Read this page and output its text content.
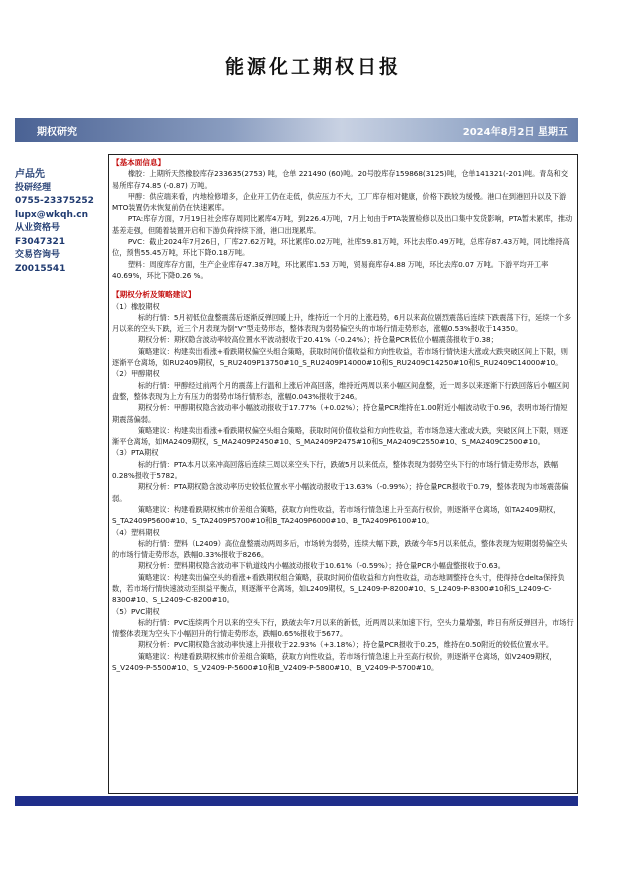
能源化工期权日报
期权研究	2024年8月2日 星期五
卢品先
投研经理
0755-23375252
lupx@wkqh.cn
从业资格号
F3047321
交易咨询号
Z0015541

【基本面信息】

橡胶：上期所天然橡胶库存233635(2753) 吨，仓单 221490 (60)吨。20号胶库存159868(3125)吨，仓单141321(-201)吨。青岛和交易所库存74.85 (-0.87) 万吨。

甲醇：供应端来看，内地检修增多，企业开工仍在走低，供应压力不大，工厂库存相对健康，价格下跌较为缓慢。港口在到港回升以及下游MTO装置仍未恢复前仍在快速累库。

PTA:库存方面，7月19日社会库存周同比累库4万吨，到226.4万吨，7月上旬由于PTA装置检修以及出口集中发货影响，PTA暂未累库，推动基差走强，但随着装置开启和下游负荷持续下滑，港口出现累库。

PVC：截止2024年7月26日，厂库27.62万吨，环比累库0.02万吨，社库59.81万吨，环比去库0.49万吨，总库存87.43万吨，同比维持高位，预售55.45万吨，环比下降0.18万吨。

塑料：周度库存方面，生产企业库存47.38万吨，环比累库1.53 万吨，贸易商库存4.88 万吨，环比去库0.07 万吨。下游平均开工率40.69%，环比下降0.26 %。

【期权分析及策略建议】

（1）橡胶期权

标的行情：5月初低位盘整震荡后逐渐反弹回暖上升，维持近一个月的上涨趋势，6月以来高位剧烈震荡后连续下跌震荡下行，延续一个多月以来的空头下跌，近三个月表现为倒“V”型走势形态，整体表现为弱势偏空头的市场行情走势形态，涨幅0.53%报收于14350。

期权分析：期权隐含波动率较高位置水平波动报收于20.41%（-0.24%）；持仓量PCR低位小幅震荡报收于0.38；

策略建议：构建卖出看涨+看跌期权偏空头组合策略，获取时间价值收益和方向性收益，若市场行情快速大涨或大跌突破区间上下限，则逐渐平仓离场，如RU2409期权，S_RU2409P13750#10_S_RU2409P14000#10和S_RU2409C14250#10和S_RU2409C14000#10。

（2）甲醇期权

标的行情：甲醇经过前两个月的震荡上行温和上涨后冲高回落，维持近两周以来小幅区间盘整，近一周多以来逐渐下行跌回落后小幅区间盘整，整体表现为上方有压力的弱势市场行情形态，涨幅0.043%报收于246。

期权分析：甲醇期权隐含波动率小幅波动报收于17.77%（+0.02%）；持仓量PCR维持在1.00附近小幅波动收于0.96，表明市场行情短期震荡偏弱。

策略建议：构建卖出看涨+看跌期权偏空头组合策略，获取时间价值收益和方向性收益，若市场急速大涨或大跌，突破区间上下限，则逐渐平仓离场，如MA2409期权，S_MA2409P2450#10、S_MA2409P2475#10和S_MA2409C2550#10、S_MA2409C2500#10。

（3）PTA期权

标的行情：PTA本月以来冲高回落后连续三周以来空头下行，跌破5月以来低点，整体表现为弱势空头下行的市场行情走势形态，跌幅0.28%报收于5782。

期权分析：PTA期权隐含波动率历史较低位置水平小幅波动报收于13.63%（-0.99%）；持仓量PCR报收于0.79，整体表现为市场震荡偏弱。

策略建议：构建看跌期权熊市价差组合策略，获取方向性收益，若市场行情急速上升至高行权价，则逐渐平仓离场，如TA2409期权，S_TA2409P5600#10、S_TA2409P5700#10和B_TA2409P6000#10、B_TA2409P6100#10。

（4）塑料期权

标的行情：塑料（L2409）高位盘整震动两周多后，市场转为弱势，连续大幅下跌，跌破今年5月以来低点，整体表现为短期弱势偏空头的市场行情走势形态，跌幅0.33%报收于8266。

期权分析：塑料期权隐含波动率下轨道线内小幅波动报收于10.61%（-0.59%）；持仓量PCR小幅盘整报收于0.63。

策略建议：构建卖出偏空头的看涨+看跌期权组合策略，获取时间价值收益和方向性收益，动态地调整持仓头寸，使得持仓delta保持负数，若市场行情快速波动至损益平衡点，则逐渐平仓离场，如L2409期权，S_L2409-P-8200#10、S_L2409-P-8300#10和S_L2409-C-8300#10、S_L2409-C-8200#10。

（5）PVC期权

标的行情：PVC连续两个月以来的空头下行，跌破去年7月以来的新低，近两周以来加速下行，空头力量增强，昨日有所反弹回升，市场行情整体表现为空头下小幅回升的行情走势形态，跌幅0.65%报收于5677。

期权分析：PVC期权隐含波动率快速上升报收于22.93%（+3.18%）；持仓量PCR报收于0.25，维持在0.50附近的较低位置水平。

策略建议：构建看跌期权熊市价差组合策略，获取方向性收益，若市场行情急速上升至高行权价，则逐渐平仓离场，如V2409期权，S_V2409-P-5500#10、S_V2409-P-5600#10和B_V2409-P-5800#10、B_V2409-P-5700#10。
